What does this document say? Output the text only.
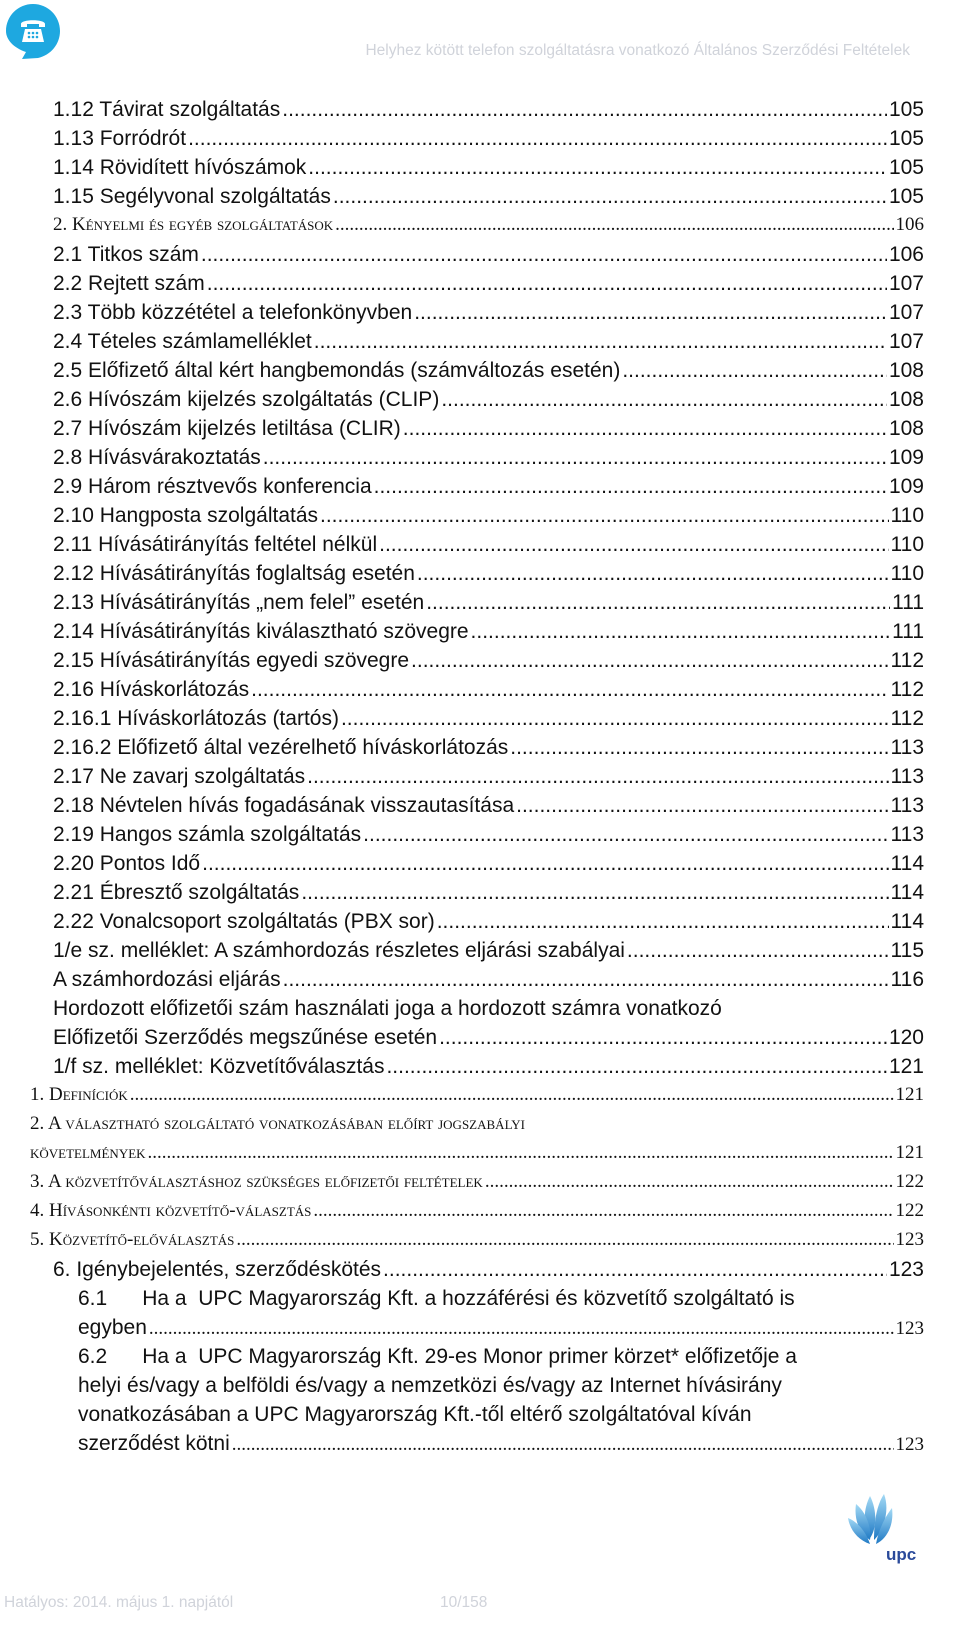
Helyhez kötött telefon szolgáltatásra vonatkozó Általános Szerződési Feltételek
1.12 Távirat szolgáltatás .....	105
1.13 Forródrót .....	105
1.14 Rövidített hívószámok .....	105
1.15 Segélyvonal szolgáltatás .....	105
2. Kényelmi és egyéb szolgáltatások .....	106
2.1 Titkos szám .....	106
2.2 Rejtett szám .....	107
2.3 Több közzététel a telefonkönyvben .....	107
2.4 Tételes számlamelléklet .....	107
2.5 Előfizető által kért hangbemondás (számváltozás esetén) .....	108
2.6 Hívószám kijelzés szolgáltatás (CLIP) .....	108
2.7 Hívószám kijelzés letiltása (CLIR) .....	108
2.8 Hívásvárakoztatás .....	109
2.9 Három résztvevős konferencia .....	109
2.10 Hangposta szolgáltatás .....	110
2.11 Hívásátirányítás feltétel nélkül .....	110
2.12 Hívásátirányítás foglaltság esetén .....	110
2.13 Hívásátirányítás „nem felel” esetén .....	111
2.14 Hívásátirányítás kiválasztható szövegre .....	111
2.15 Hívásátirányítás egyedi szövegre .....	112
2.16 Híváskorlátozás .....	112
2.16.1 Híváskorlátozás (tartós) .....	112
2.16.2 Előfizető által vezérelhető híváskorlátozás .....	113
2.17 Ne zavarj szolgáltatás .....	113
2.18 Névtelen hívás fogadásának visszautasítása .....	113
2.19 Hangos számla szolgáltatás .....	113
2.20 Pontos Idő .....	114
2.21 Ébresztő szolgáltatás .....	114
2.22 Vonalcsoport szolgáltatás (PBX sor) .....	114
1/e sz. melléklet: A számhordozás részletes eljárási szabályai .....	115
A számhordozási eljárás .....	116
Hordozott előfizetői szám használati joga a hordozott számra vonatkozó
Előfizetői Szerződés megszűnése esetén .....	120
1/f sz. melléklet: Közvetítőválasztás .....	121
1. Definíciók .....	121
2. A választható szolgáltató vonatkozásában előírt jogszabályi
követelmények .....	121
3. A közvetítőválasztáshoz szükséges előfizetői feltételek .....	122
4. Hívásonkénti közvetítő-választás .....	122
5. Közvetítő-előválasztás .....	123
6. Igénybejelentés, szerződéskötés .....	123
6.1      Ha a  UPC Magyarország Kft. a hozzáférési és közvetítő szolgáltató is
egyben .....	123
6.2      Ha a  UPC Magyarország Kft. 29-es Monor primer körzet* előfizetője a
helyi és/vagy a belföldi és/vagy a nemzetközi és/vagy az Internet hívásirány
vonatkozásában a UPC Magyarország Kft.-től eltérő szolgáltatóval kíván
szerződést kötni .....	123
Hatályos: 2014. május 1. napjától	10/158
upc
